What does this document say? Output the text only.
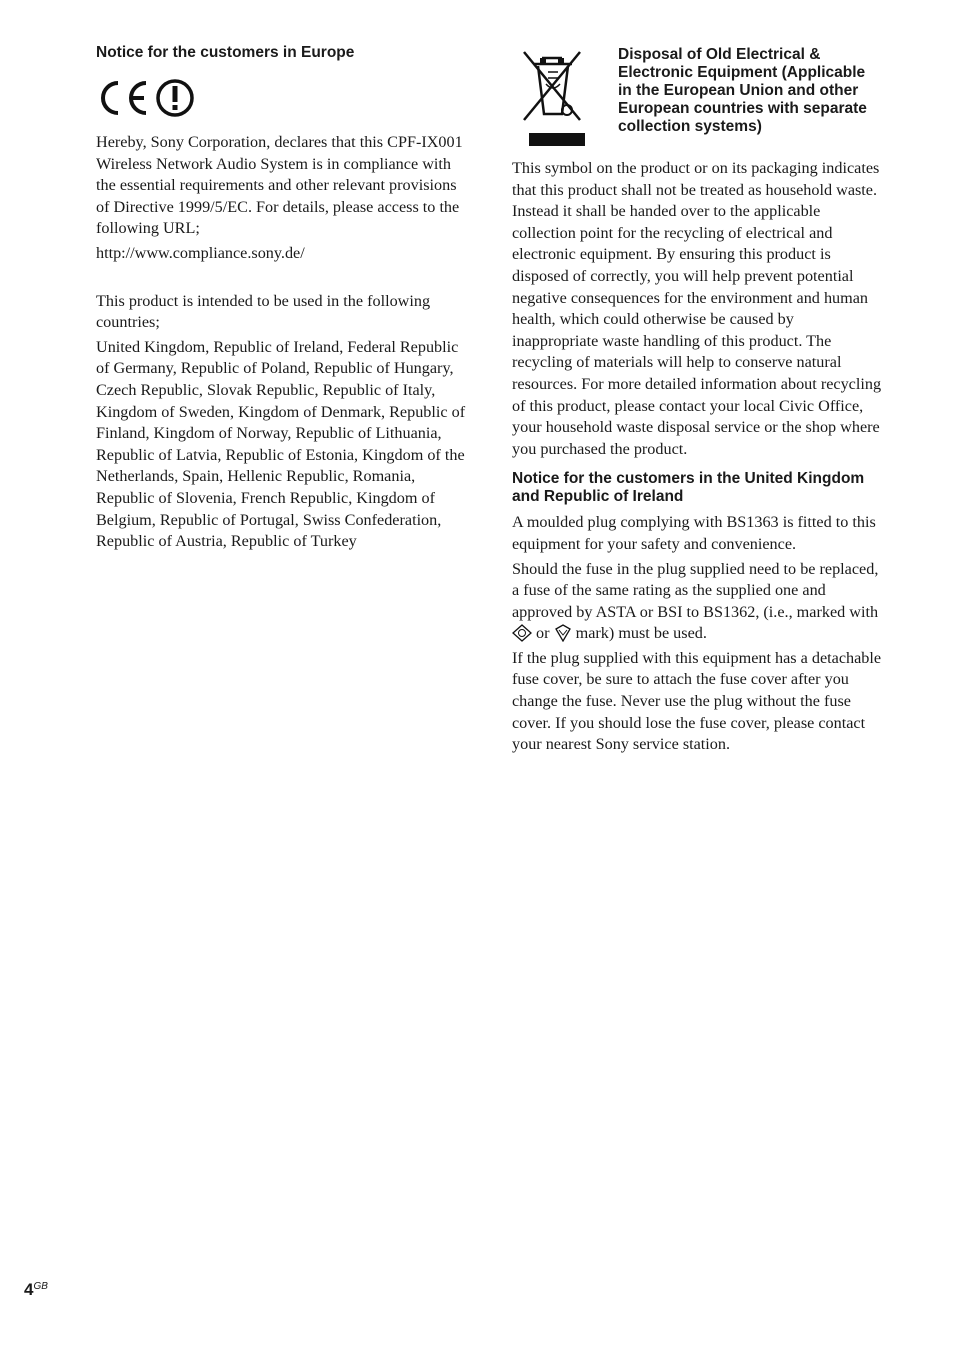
Notice for the customers in Europe

Hereby, Sony Corporation, declares that this CPF-IX001 Wireless Network Audio System is in compliance with the essential requirements and other relevant provisions of Directive 1999/5/EC. For details, please access to the following URL;

http://www.compliance.sony.de/

This product is intended to be used in the following countries;

United Kingdom, Republic of Ireland, Federal Republic of Germany, Republic of Poland, Republic of Hungary, Czech Republic, Slovak Republic, Republic of Italy, Kingdom of Sweden, Kingdom of Denmark, Republic of Finland, Kingdom of Norway, Republic of Lithuania, Republic of Latvia, Republic of Estonia, Kingdom of the Netherlands, Spain, Hellenic Republic, Romania, Republic of Slovenia, French Republic, Kingdom of Belgium, Republic of Portugal, Swiss Confederation, Republic of Austria, Republic of Turkey

Disposal of Old Electrical & Electronic Equipment (Applicable in the European Union and other European countries with separate collection systems)

This symbol on the product or on its packaging indicates that this product shall not be treated as household waste. Instead it shall be handed over to the applicable collection point for the recycling of electrical and electronic equipment. By ensuring this product is disposed of correctly, you will help prevent potential negative consequences for the environment and human health, which could otherwise be caused by inappropriate waste handling of this product. The recycling of materials will help to conserve natural resources. For more detailed information about recycling of this product, please contact your local Civic Office, your household waste disposal service or the shop where you purchased the product.

Notice for the customers in the United Kingdom and Republic of Ireland

A moulded plug complying with BS1363 is fitted to this equipment for your safety and convenience.

Should the fuse in the plug supplied need to be replaced, a fuse of the same rating as the supplied one and approved by ASTA or BSI to BS1362, (i.e., marked with  or mark) must be used.

If the plug supplied with this equipment has a detachable fuse cover, be sure to attach the fuse cover after you change the fuse. Never use the plug without the fuse cover. If you should lose the fuse cover, please contact your nearest Sony service station.

$4^{GB}$
